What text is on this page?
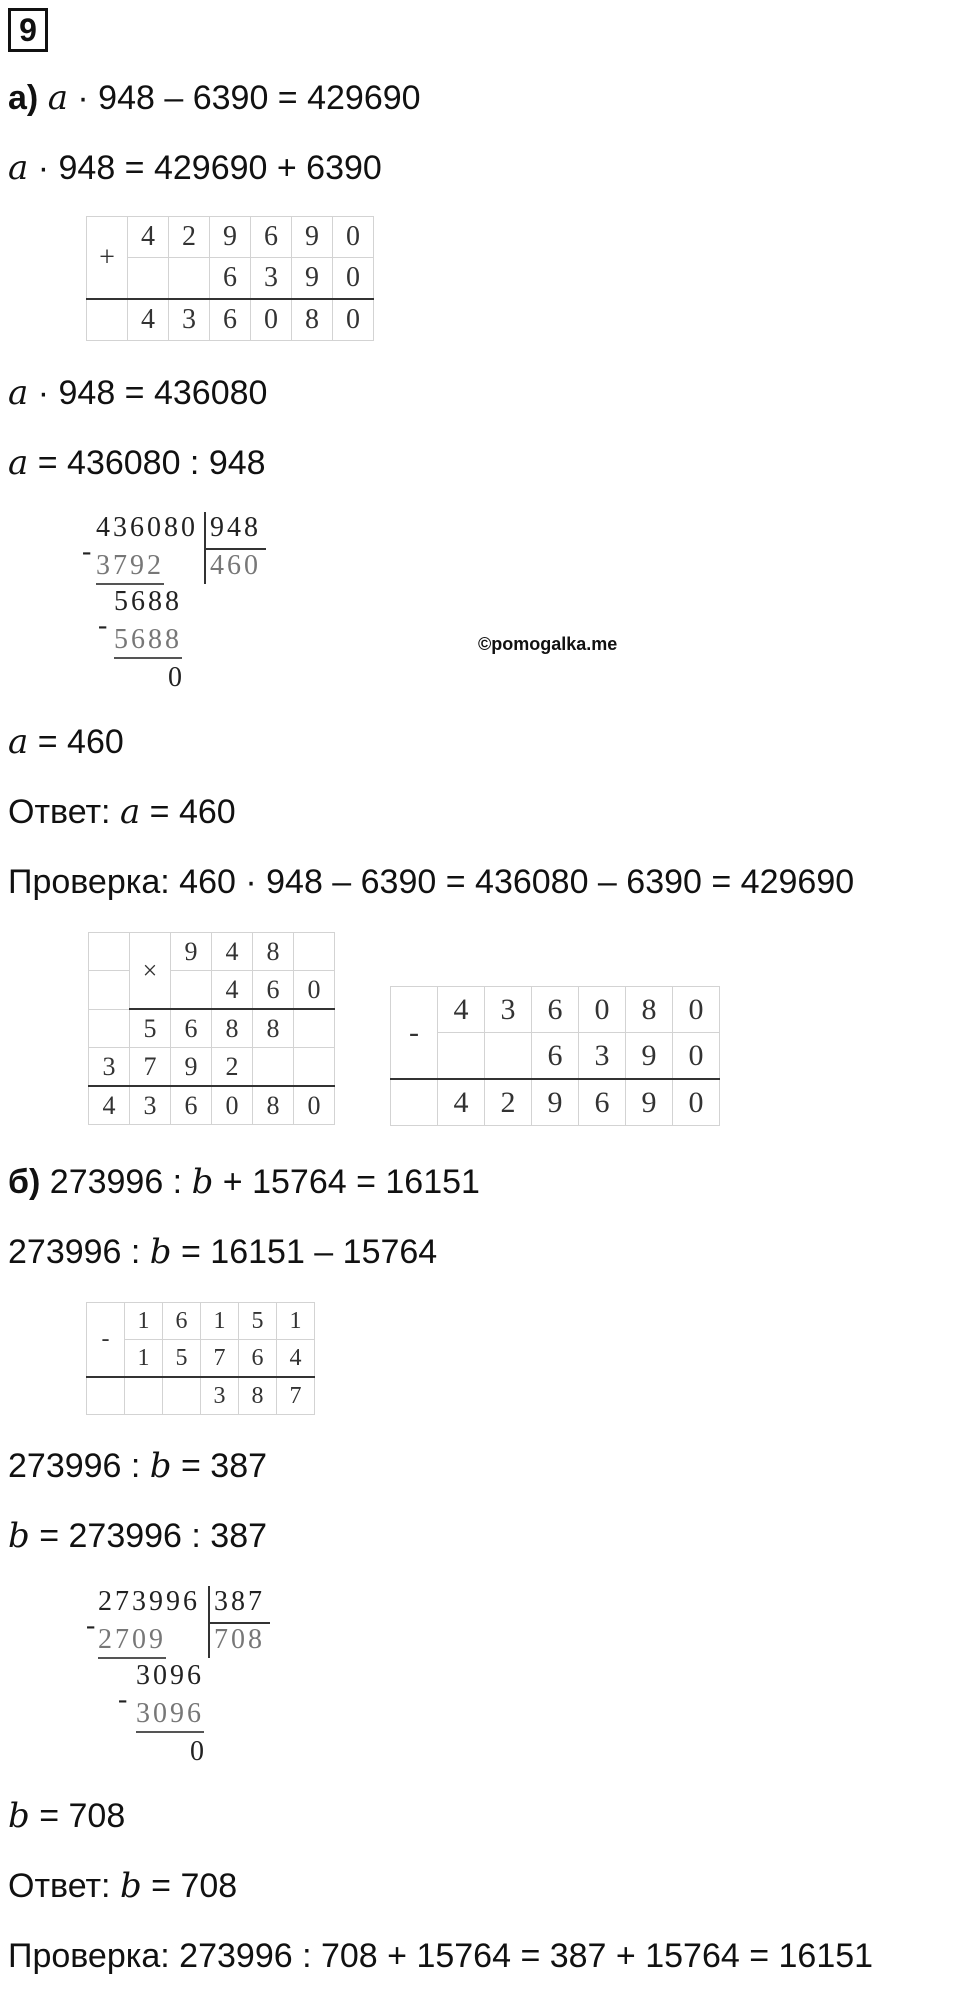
9
а) a · 948 – 6390 = 429690
a · 948 = 429690 + 6390
+	4	2	9	6	9	0
			6	3	9	0
	4	3	6	0	8	0
a · 948 = 436080
a = 436080 : 948
-
436080 948
460
3792
5688
- 5688
0
©pomogalka.me
a = 460
Ответ: a = 460
Проверка: 460 · 948 – 6390 = 436080 – 6390 = 429690
	×	9	4	8	
			4	6	0
	5	6	8	8	
3	7	9	2		
4	3	6	0	8	0
-	4	3	6	0	8	0
			6	3	9	0
	4	2	9	6	9	0
б) 273996 : b + 15764 = 16151
273996 : b = 16151 – 15764
-	1	6	1	5	1
	1	5	7	6	4
			3	8	7
273996 : b = 387
b = 273996 : 387
-
273996 387
708
2709
3096
- 3096
0
b = 708
Ответ: b = 708
Проверка: 273996 : 708 + 15764 = 387 + 15764 = 16151
